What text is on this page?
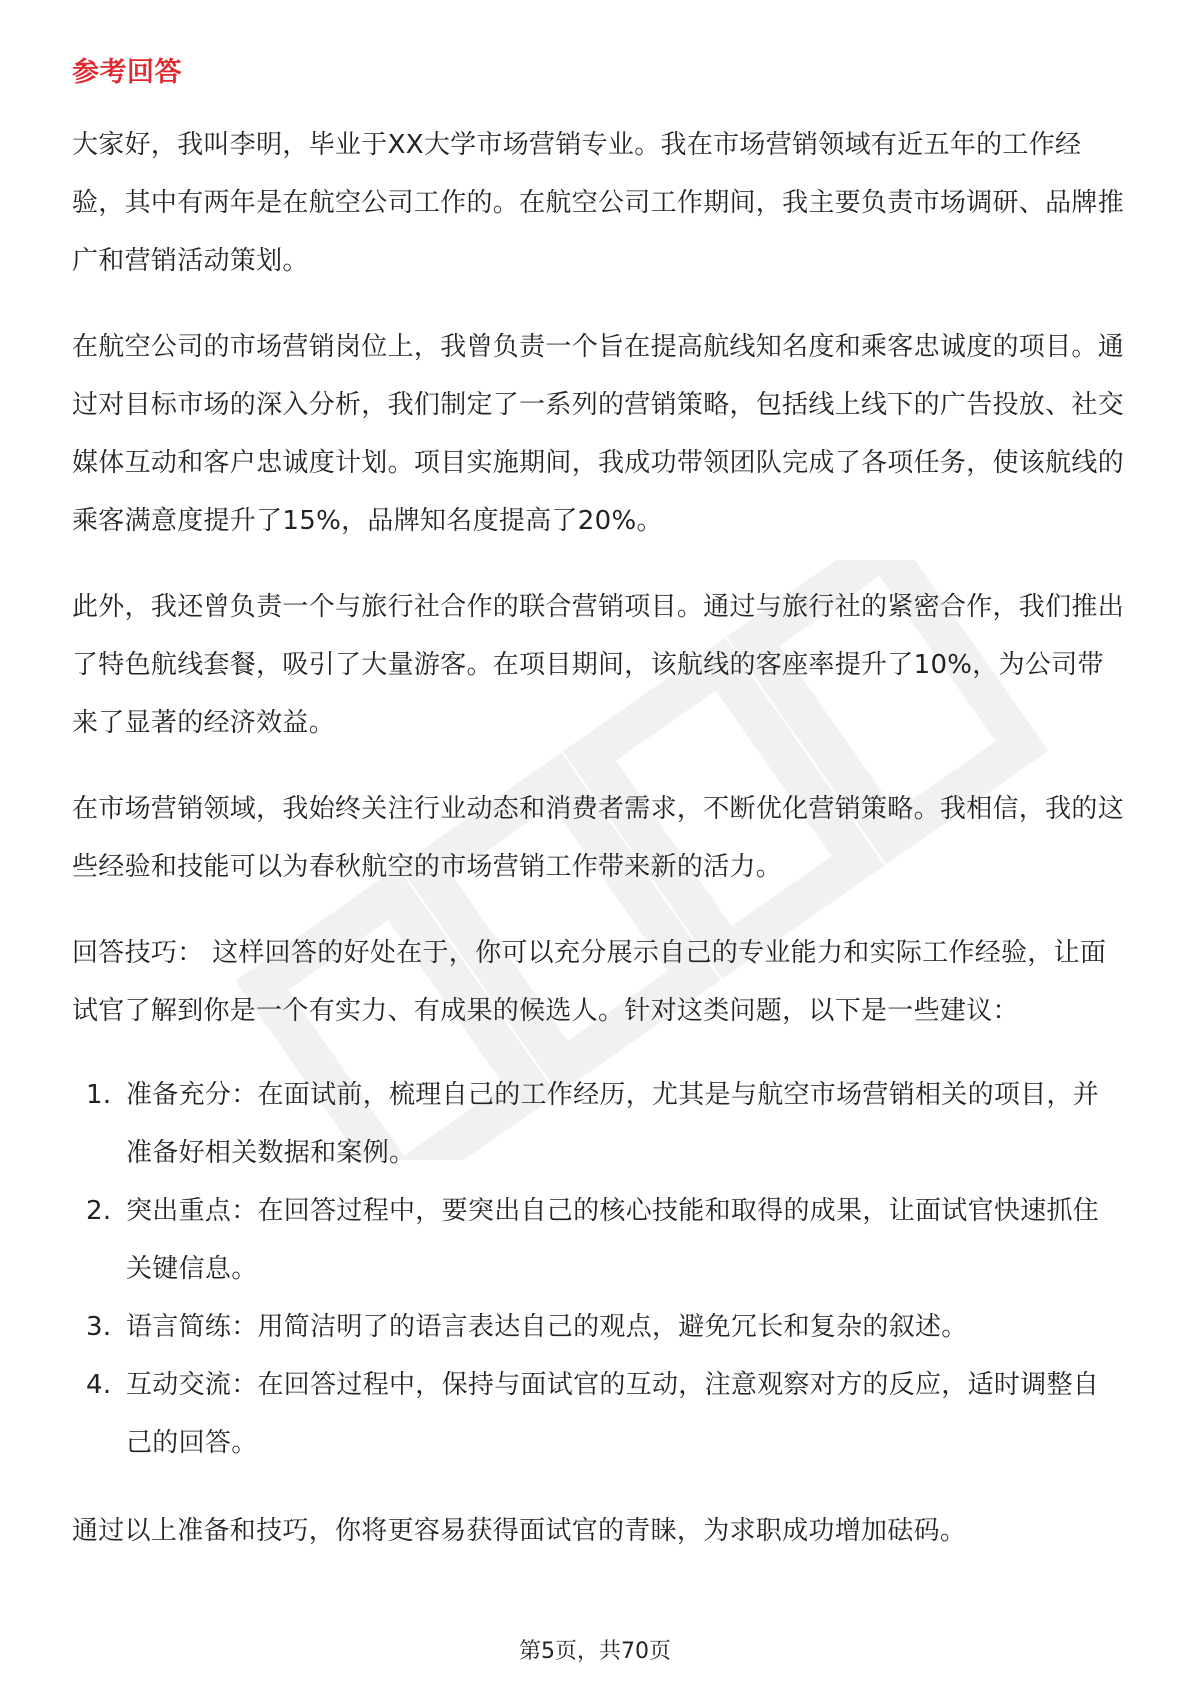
参考回答

大家好，我叫李明，毕业于XX大学市场营销专业。我在市场营销领域有近五年的工作经验，其中有两年是在航空公司工作的。在航空公司工作期间，我主要负责市场调研、品牌推广和营销活动策划。

在航空公司的市场营销岗位上，我曾负责一个旨在提高航线知名度和乘客忠诚度的项目。通过对目标市场的深入分析，我们制定了一系列的营销策略，包括线上线下的广告投放、社交媒体互动和客户忠诚度计划。项目实施期间，我成功带领团队完成了各项任务，使该航线的乘客满意度提升了15%，品牌知名度提高了20%。

此外，我还曾负责一个与旅行社合作的联合营销项目。通过与旅行社的紧密合作，我们推出了特色航线套餐，吸引了大量游客。在项目期间，该航线的客座率提升了10%，为公司带来了显著的经济效益。

在市场营销领域，我始终关注行业动态和消费者需求，不断优化营销策略。我相信，我的这些经验和技能可以为春秋航空的市场营销工作带来新的活力。

回答技巧： 这样回答的好处在于，你可以充分展示自己的专业能力和实际工作经验，让面试官了解到你是一个有实力、有成果的候选人。针对这类问题，以下是一些建议：

1. 准备充分：在面试前，梳理自己的工作经历，尤其是与航空市场营销相关的项目，并准备好相关数据和案例。
2. 突出重点：在回答过程中，要突出自己的核心技能和取得的成果，让面试官快速抓住关键信息。
3. 语言简练：用简洁明了的语言表达自己的观点，避免冗长和复杂的叙述。
4. 互动交流：在回答过程中，保持与面试官的互动，注意观察对方的反应，适时调整自己的回答。

通过以上准备和技巧，你将更容易获得面试官的青睐，为求职成功增加砝码。

第5页，共70页
